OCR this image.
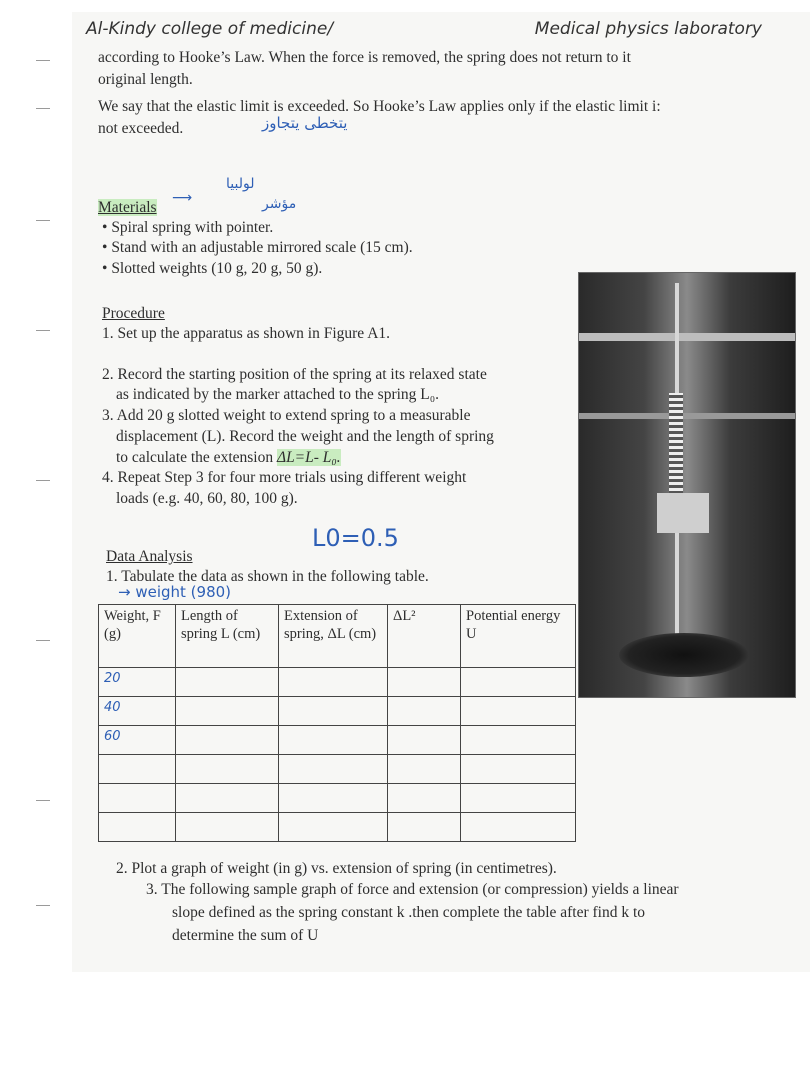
Al-Kindy college of medicine/	Medical physics laboratory
according to Hooke’s Law. When the force is removed, the spring does not return to it
original length.
We say that the elastic limit is exceeded. So Hooke’s Law applies only if the elastic limit i:
not exceeded.	يتخطى يتجاوز
Materials
لولبيا
مؤشر
⟶
• Spiral spring with pointer.
• Stand with an adjustable mirrored scale (15 cm).
• Slotted weights (10 g, 20 g, 50 g).
Procedure
1. Set up the apparatus as shown in Figure A1.
2. Record the starting position of the spring at its relaxed state
as indicated by the marker attached to the spring L₀.
3. Add 20 g slotted weight to extend spring to a measurable
displacement (L). Record the weight and the length of spring
to calculate the extension ΔL=L- L₀.
4. Repeat Step 3 for four more trials using different weight
loads (e.g. 40, 60, 80, 100 g).
L0=0.5
Data Analysis
1. Tabulate the data as shown in the following table.
→ weight (980)
Weight, F (g)	Length of spring L (cm)	Extension of spring, ΔL (cm)	ΔL²	Potential energy U
20				
40				
60				

2. Plot a graph of weight (in g) vs. extension of spring (in centimetres).
3. The following sample graph of force and extension (or compression) yields a linear
slope defined as the spring constant k .then complete the table after find k to
determine the sum of U
